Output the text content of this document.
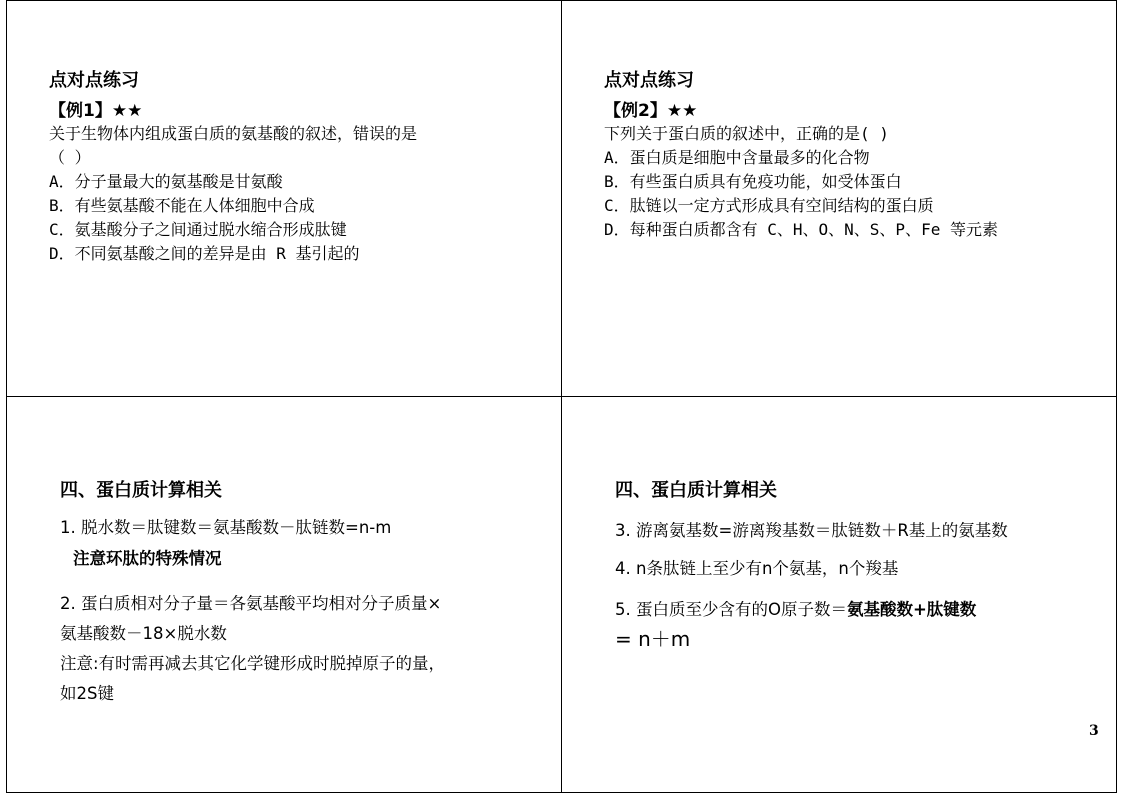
点对点练习
【例1】★★
关于生物体内组成蛋白质的氨基酸的叙述，错误的是
（ ）
A．分子量最大的氨基酸是甘氨酸
B．有些氨基酸不能在人体细胞中合成
C．氨基酸分子之间通过脱水缩合形成肽键
D．不同氨基酸之间的差异是由 R 基引起的
点对点练习
【例2】★★
下列关于蛋白质的叙述中，正确的是( )
A．蛋白质是细胞中含量最多的化合物
B．有些蛋白质具有免疫功能，如受体蛋白
C．肽链以一定方式形成具有空间结构的蛋白质
D．每种蛋白质都含有 C、H、O、N、S、P、Fe 等元素
四、蛋白质计算相关
1. 脱水数＝肽键数＝氨基酸数－肽链数=n-m
注意环肽的特殊情况
2. 蛋白质相对分子量＝各氨基酸平均相对分子质量×
氨基酸数－18×脱水数
注意:有时需再减去其它化学键形成时脱掉原子的量，
如2S键
四、蛋白质计算相关
3. 游离氨基数=游离羧基数＝肽链数＋R基上的氨基数
4. n条肽链上至少有n个氨基，n个羧基
5. 蛋白质至少含有的O原子数＝氨基酸数+肽键数
= n＋m
3
